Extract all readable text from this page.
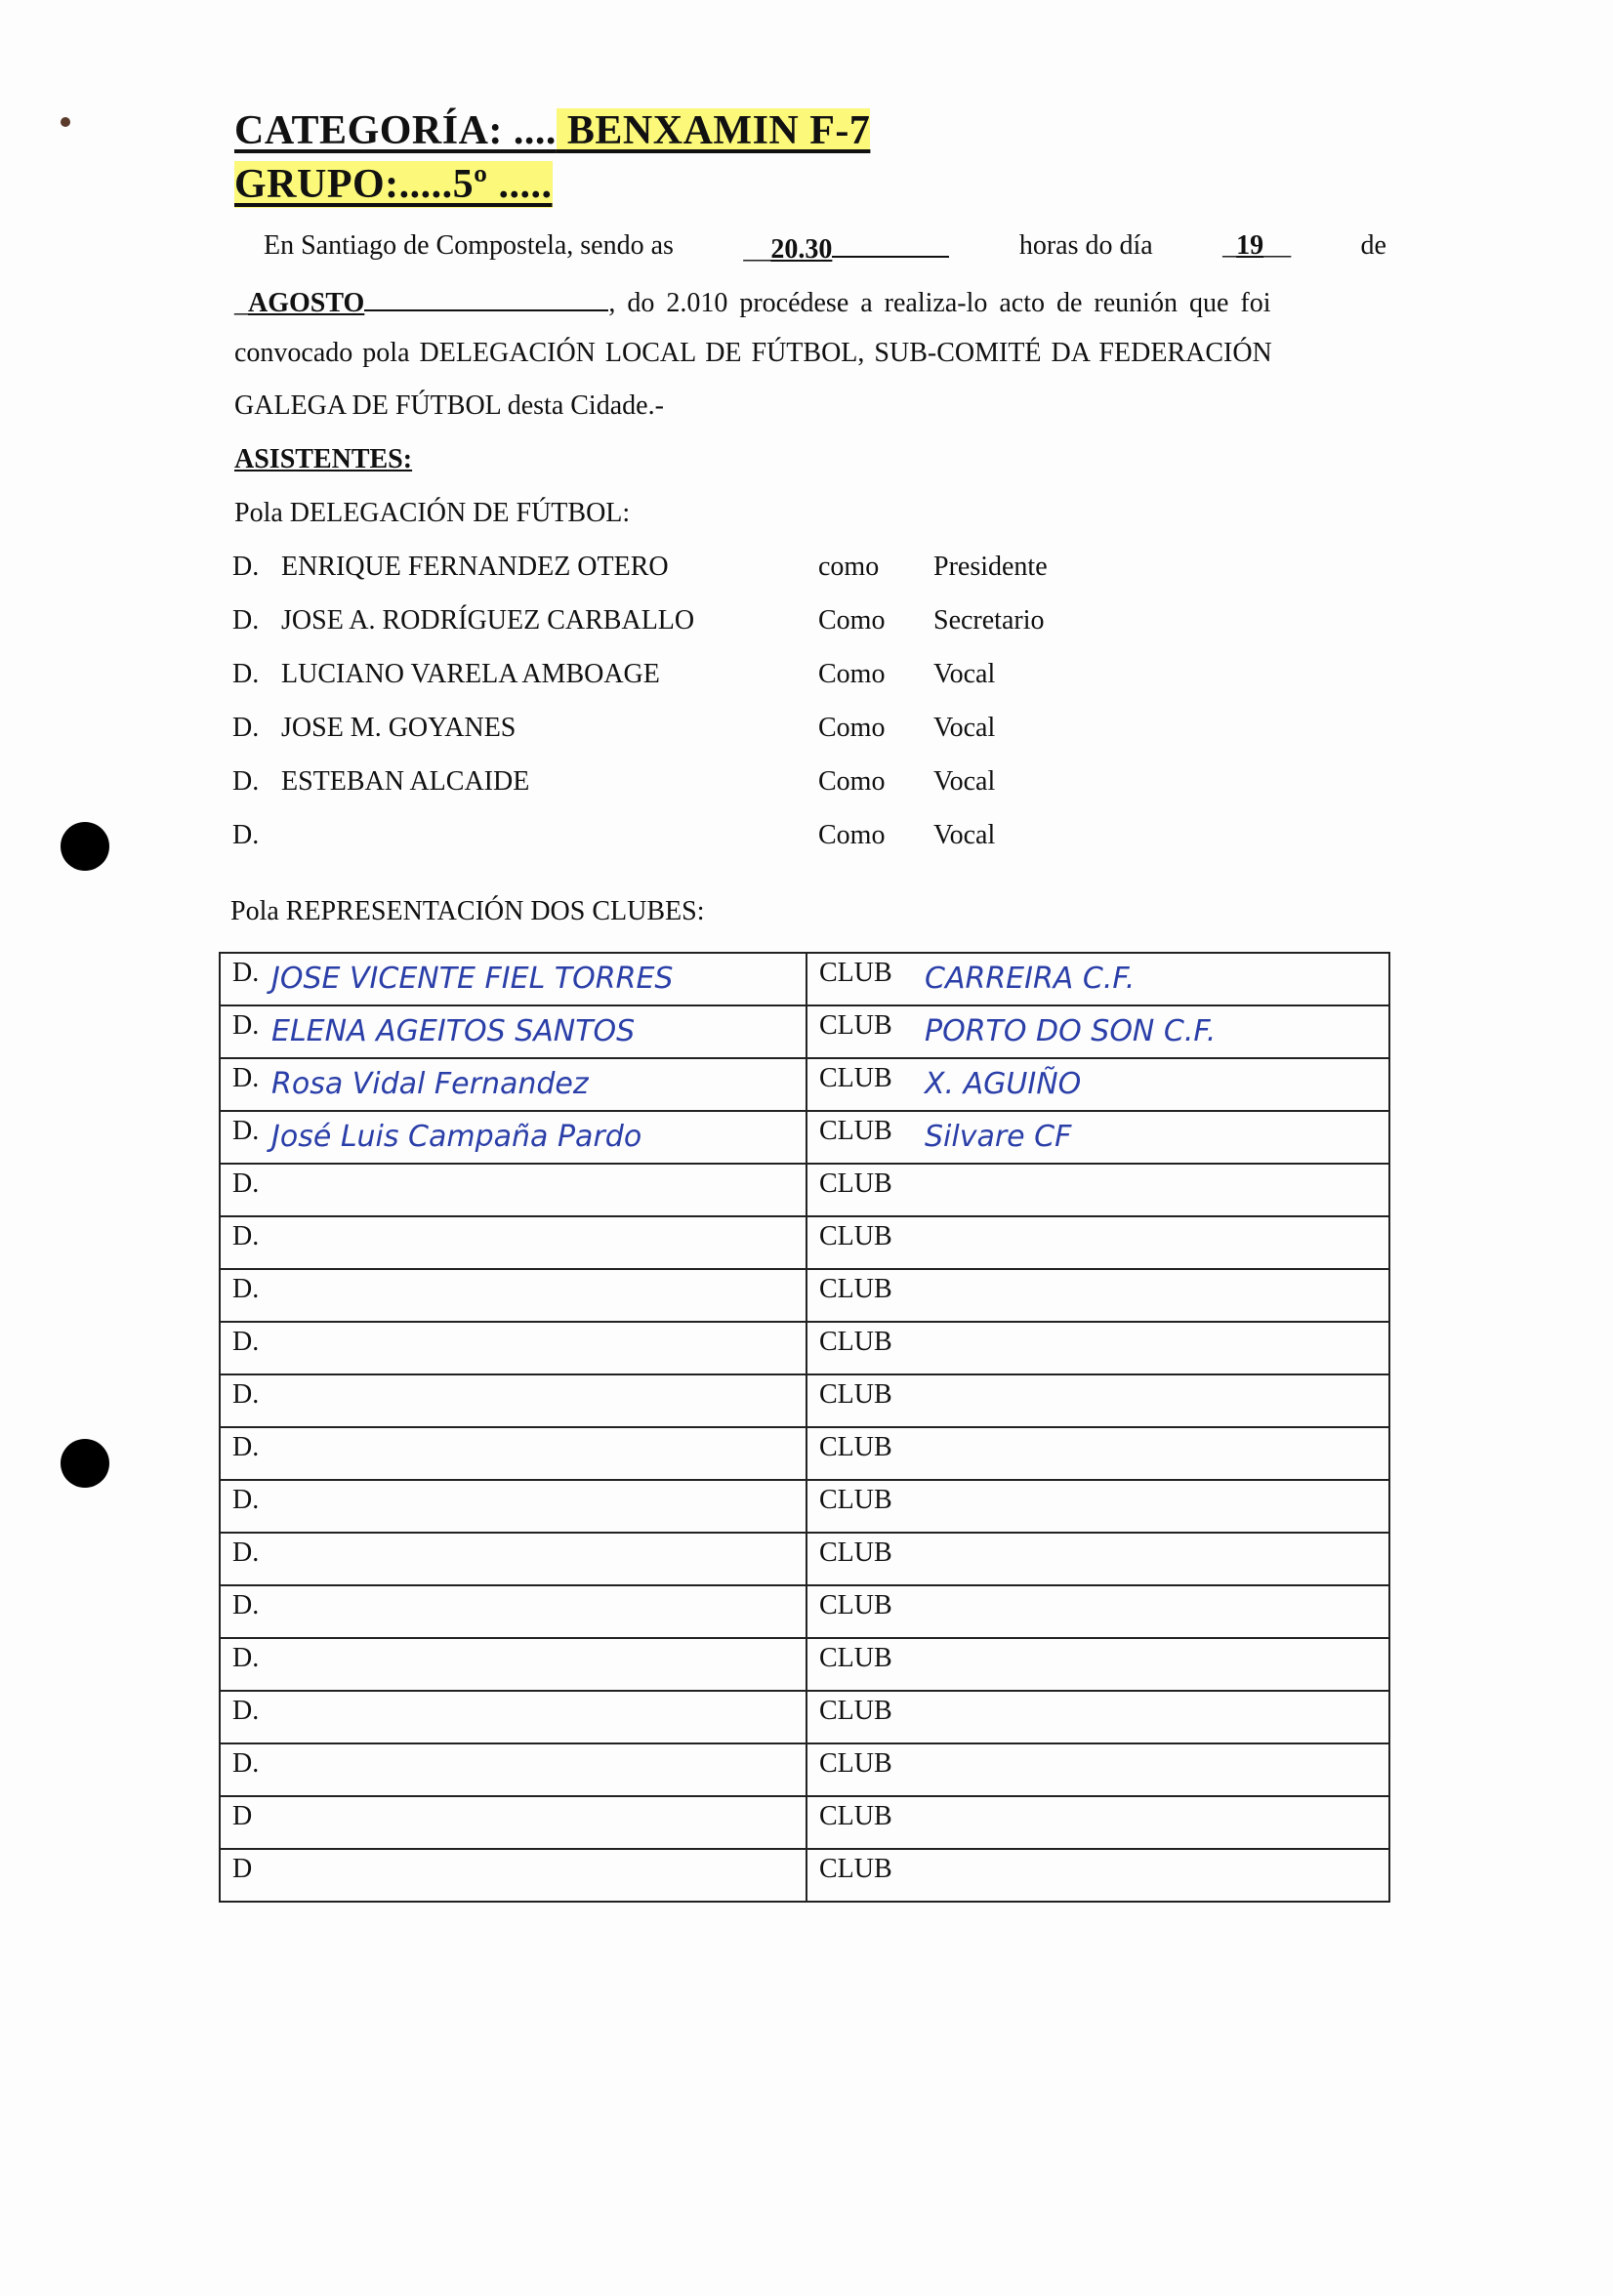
CATEGORÍA: .... BENXAMIN F-7
GRUPO:.....5º .....
En Santiago de Compostela, sendo as	__20.30	horas do día	_19__	de
_AGOSTO	, do 2.010 procédese a realiza-lo acto de reunión que foi
convocado pola DELEGACIÓN LOCAL DE FÚTBOL, SUB-COMITÉ DA FEDERACIÓN
GALEGA DE FÚTBOL desta Cidade.-
ASISTENTES:
Pola DELEGACIÓN DE FÚTBOL:
D. ENRIQUE FERNANDEZ OTERO	como Presidente
D. JOSE A. RODRÍGUEZ CARBALLO	Como Secretario
D. LUCIANO VARELA AMBOAGE	Como Vocal
D. JOSE M. GOYANES	Como Vocal
D. ESTEBAN ALCAIDE	Como Vocal
D.	Como Vocal
Pola REPRESENTACIÓN DOS CLUBES:
D. JOSE VICENTE FIEL TORRES	CLUB CARREIRA C.F.

D. ELENA AGEITOS SANTOS	CLUB PORTO DO SON C.F.

D. Rosa Vidal Fernandez	CLUB X. AGUIÑO

D. José Luis Campaña Pardo	CLUB Silvare CF

D.	CLUB

D.	CLUB

D.	CLUB

D.	CLUB

D.	CLUB

D.	CLUB

D.	CLUB

D.	CLUB

D.	CLUB

D.	CLUB

D.	CLUB

D.	CLUB

D	CLUB

D	CLUB
